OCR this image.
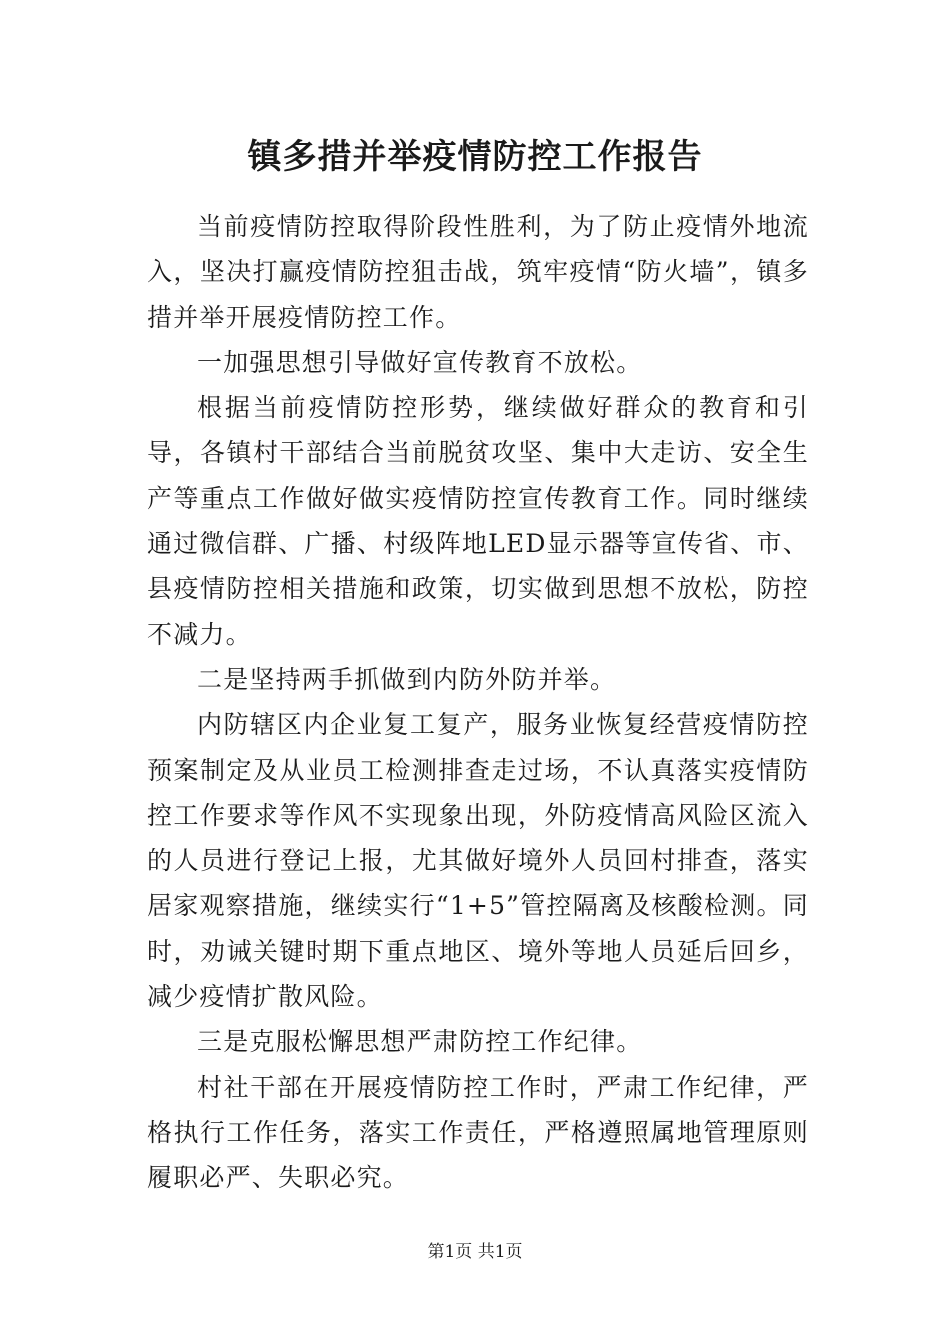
镇多措并举疫情防控工作报告

当前疫情防控取得阶段性胜利，为了防止疫情外地流入，坚决打赢疫情防控狙击战，筑牢疫情“防火墙”，镇多措并举开展疫情防控工作。

一加强思想引导做好宣传教育不放松。

根据当前疫情防控形势，继续做好群众的教育和引导，各镇村干部结合当前脱贫攻坚、集中大走访、安全生产等重点工作做好做实疫情防控宣传教育工作。同时继续通过微信群、广播、村级阵地LED显示器等宣传省、市、县疫情防控相关措施和政策，切实做到思想不放松，防控不减力。

二是坚持两手抓做到内防外防并举。

内防辖区内企业复工复产，服务业恢复经营疫情防控预案制定及从业员工检测排查走过场，不认真落实疫情防控工作要求等作风不实现象出现，外防疫情高风险区流入的人员进行登记上报，尤其做好境外人员回村排查，落实居家观察措施，继续实行“1+5”管控隔离及核酸检测。同时，劝诫关键时期下重点地区、境外等地人员延后回乡，减少疫情扩散风险。

三是克服松懈思想严肃防控工作纪律。

村社干部在开展疫情防控工作时，严肃工作纪律，严格执行工作任务，落实工作责任，严格遵照属地管理原则履职必严、失职必究。

第1页 共1页
